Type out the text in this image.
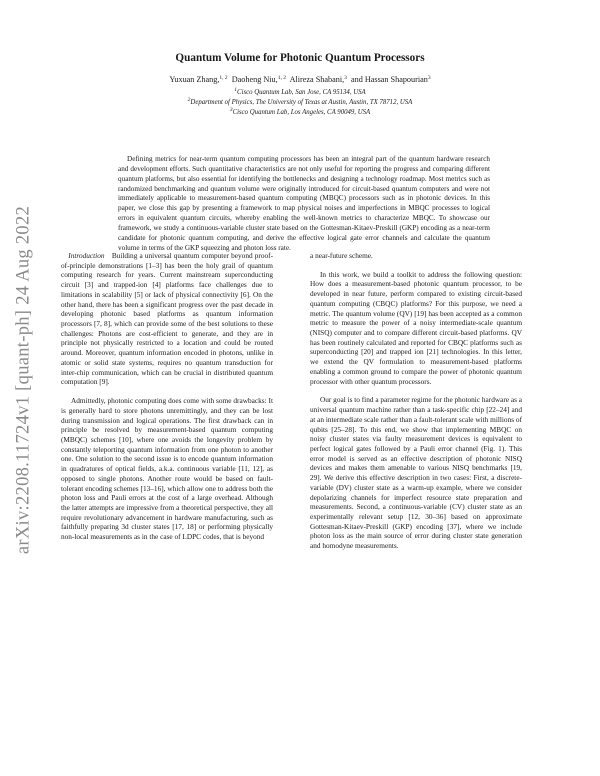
arXiv:2208.11724v1 [quant-ph] 24 Aug 2022
Quantum Volume for Photonic Quantum Processors
Yuxuan Zhang,$^{1, 2}$ Daoheng Niu,$^{1, 2}$ Alireza Shabani,$^3$ and Hassan Shapourian$^3$
$^1$Cisco Quantum Lab, San Jose, CA 95134, USA
$^2$Department of Physics, The University of Texas at Austin, Austin, TX 78712, USA
$^3$Cisco Quantum Lab, Los Angeles, CA 90049, USA

Defining metrics for near-term quantum computing processors has been an integral part of the quantum hardware research and development efforts. Such quantitative characteristics are not only useful for reporting the progress and comparing different quantum platforms, but also essential for identifying the bottlenecks and designing a technology roadmap. Most metrics such as randomized benchmarking and quantum volume were originally introduced for circuit-based quantum computers and were not immediately applicable to measurement-based quantum computing (MBQC) processors such as in photonic devices. In this paper, we close this gap by presenting a framework to map physical noises and imperfections in MBQC processes to logical errors in equivalent quantum circuits, whereby enabling the well-known metrics to characterize MBQC. To showcase our framework, we study a continuous-variable cluster state based on the Gottesman-Kitaev-Preskill (GKP) encoding as a near-term candidate for photonic quantum computing, and derive the effective logical gate error channels and calculate the quantum volume in terms of the GKP squeezing and photon loss rate.

 Introduction  Building a universal quantum computer beyond proof-of-principle demonstrations [1–3] has been the holy grail of quantum computing research for years. Current mainstream superconducting circuit [3] and trapped-ion [4] platforms face challenges due to limitations in scalability [5] or lack of physical connectivity [6]. On the other hand, there has been a significant progress over the past decade in developing photonic based platforms as quantum information processors [7, 8], which can provide some of the best solutions to these challenges: Photons are cost-efficient to generate, and they are in principle not physically restricted to a location and could be routed around. Moreover, quantum information encoded in photons, unlike in atomic or solid state systems, requires no quantum transduction for inter-chip communication, which can be crucial in distributed quantum computation [9].

Admittedly, photonic computing does come with some drawbacks: It is generally hard to store photons unremittingly, and they can be lost during transmission and logical operations. The first drawback can in principle be resolved by measurement-based quantum computing (MBQC) schemes [10], where one avoids the longevity problem by constantly teleporting quantum information from one photon to another one. One solution to the second issue is to encode quantum information in quadratures of optical fields, a.k.a. continuous variable [11, 12], as opposed to single photons. Another route would be based on fault-tolerant encoding schemes [13–16], which allow one to address both the photon loss and Pauli errors at the cost of a large overhead. Although the latter attempts are impressive from a theoretical perspective, they all require revolutionary advancement in hardware manufacturing, such as faithfully preparing 3d cluster states [17, 18] or performing physically non-local measurements as in the case of LDPC codes, that is beyond

a near-future scheme.

In this work, we build a toolkit to address the following question: How does a measurement-based photonic quantum processor, to be developed in near future, perform compared to existing circuit-based quantum computing (CBQC) platforms? For this purpose, we need a metric. The quantum volume (QV) [19] has been accepted as a common metric to measure the power of a noisy intermediate-scale quantum (NISQ) computer and to compare different circuit-based platforms. QV has been routinely calculated and reported for CBQC platforms such as superconducting [20] and trapped ion [21] technologies. In this letter, we extend the QV formulation to measurement-based platforms enabling a common ground to compare the power of photonic quantum processor with other quantum processors.

Our goal is to find a parameter regime for the photonic hardware as a universal quantum machine rather than a task-specific chip [22–24] and at an intermediate scale rather than a fault-tolerant scale with millions of qubits [25–28]. To this end, we show that implementing MBQC on noisy cluster states via faulty measurement devices is equivalent to perfect logical gates followed by a Pauli error channel (Fig. 1). This error model is served as an effective description of photonic NISQ devices and makes them amenable to various NISQ benchmarks [19, 29]. We derive this effective description in two cases: First, a discrete-variable (DV) cluster state as a warm-up example, where we consider depolarizing channels for imperfect resource state preparation and measurements. Second, a continuous-variable (CV) cluster state as an experimentally relevant setup [12, 30–36] based on approximate Gottesman-Kitaev-Preskill (GKP) encoding [37], where we include photon loss as the main source of error during cluster state generation and homodyne measurements.
